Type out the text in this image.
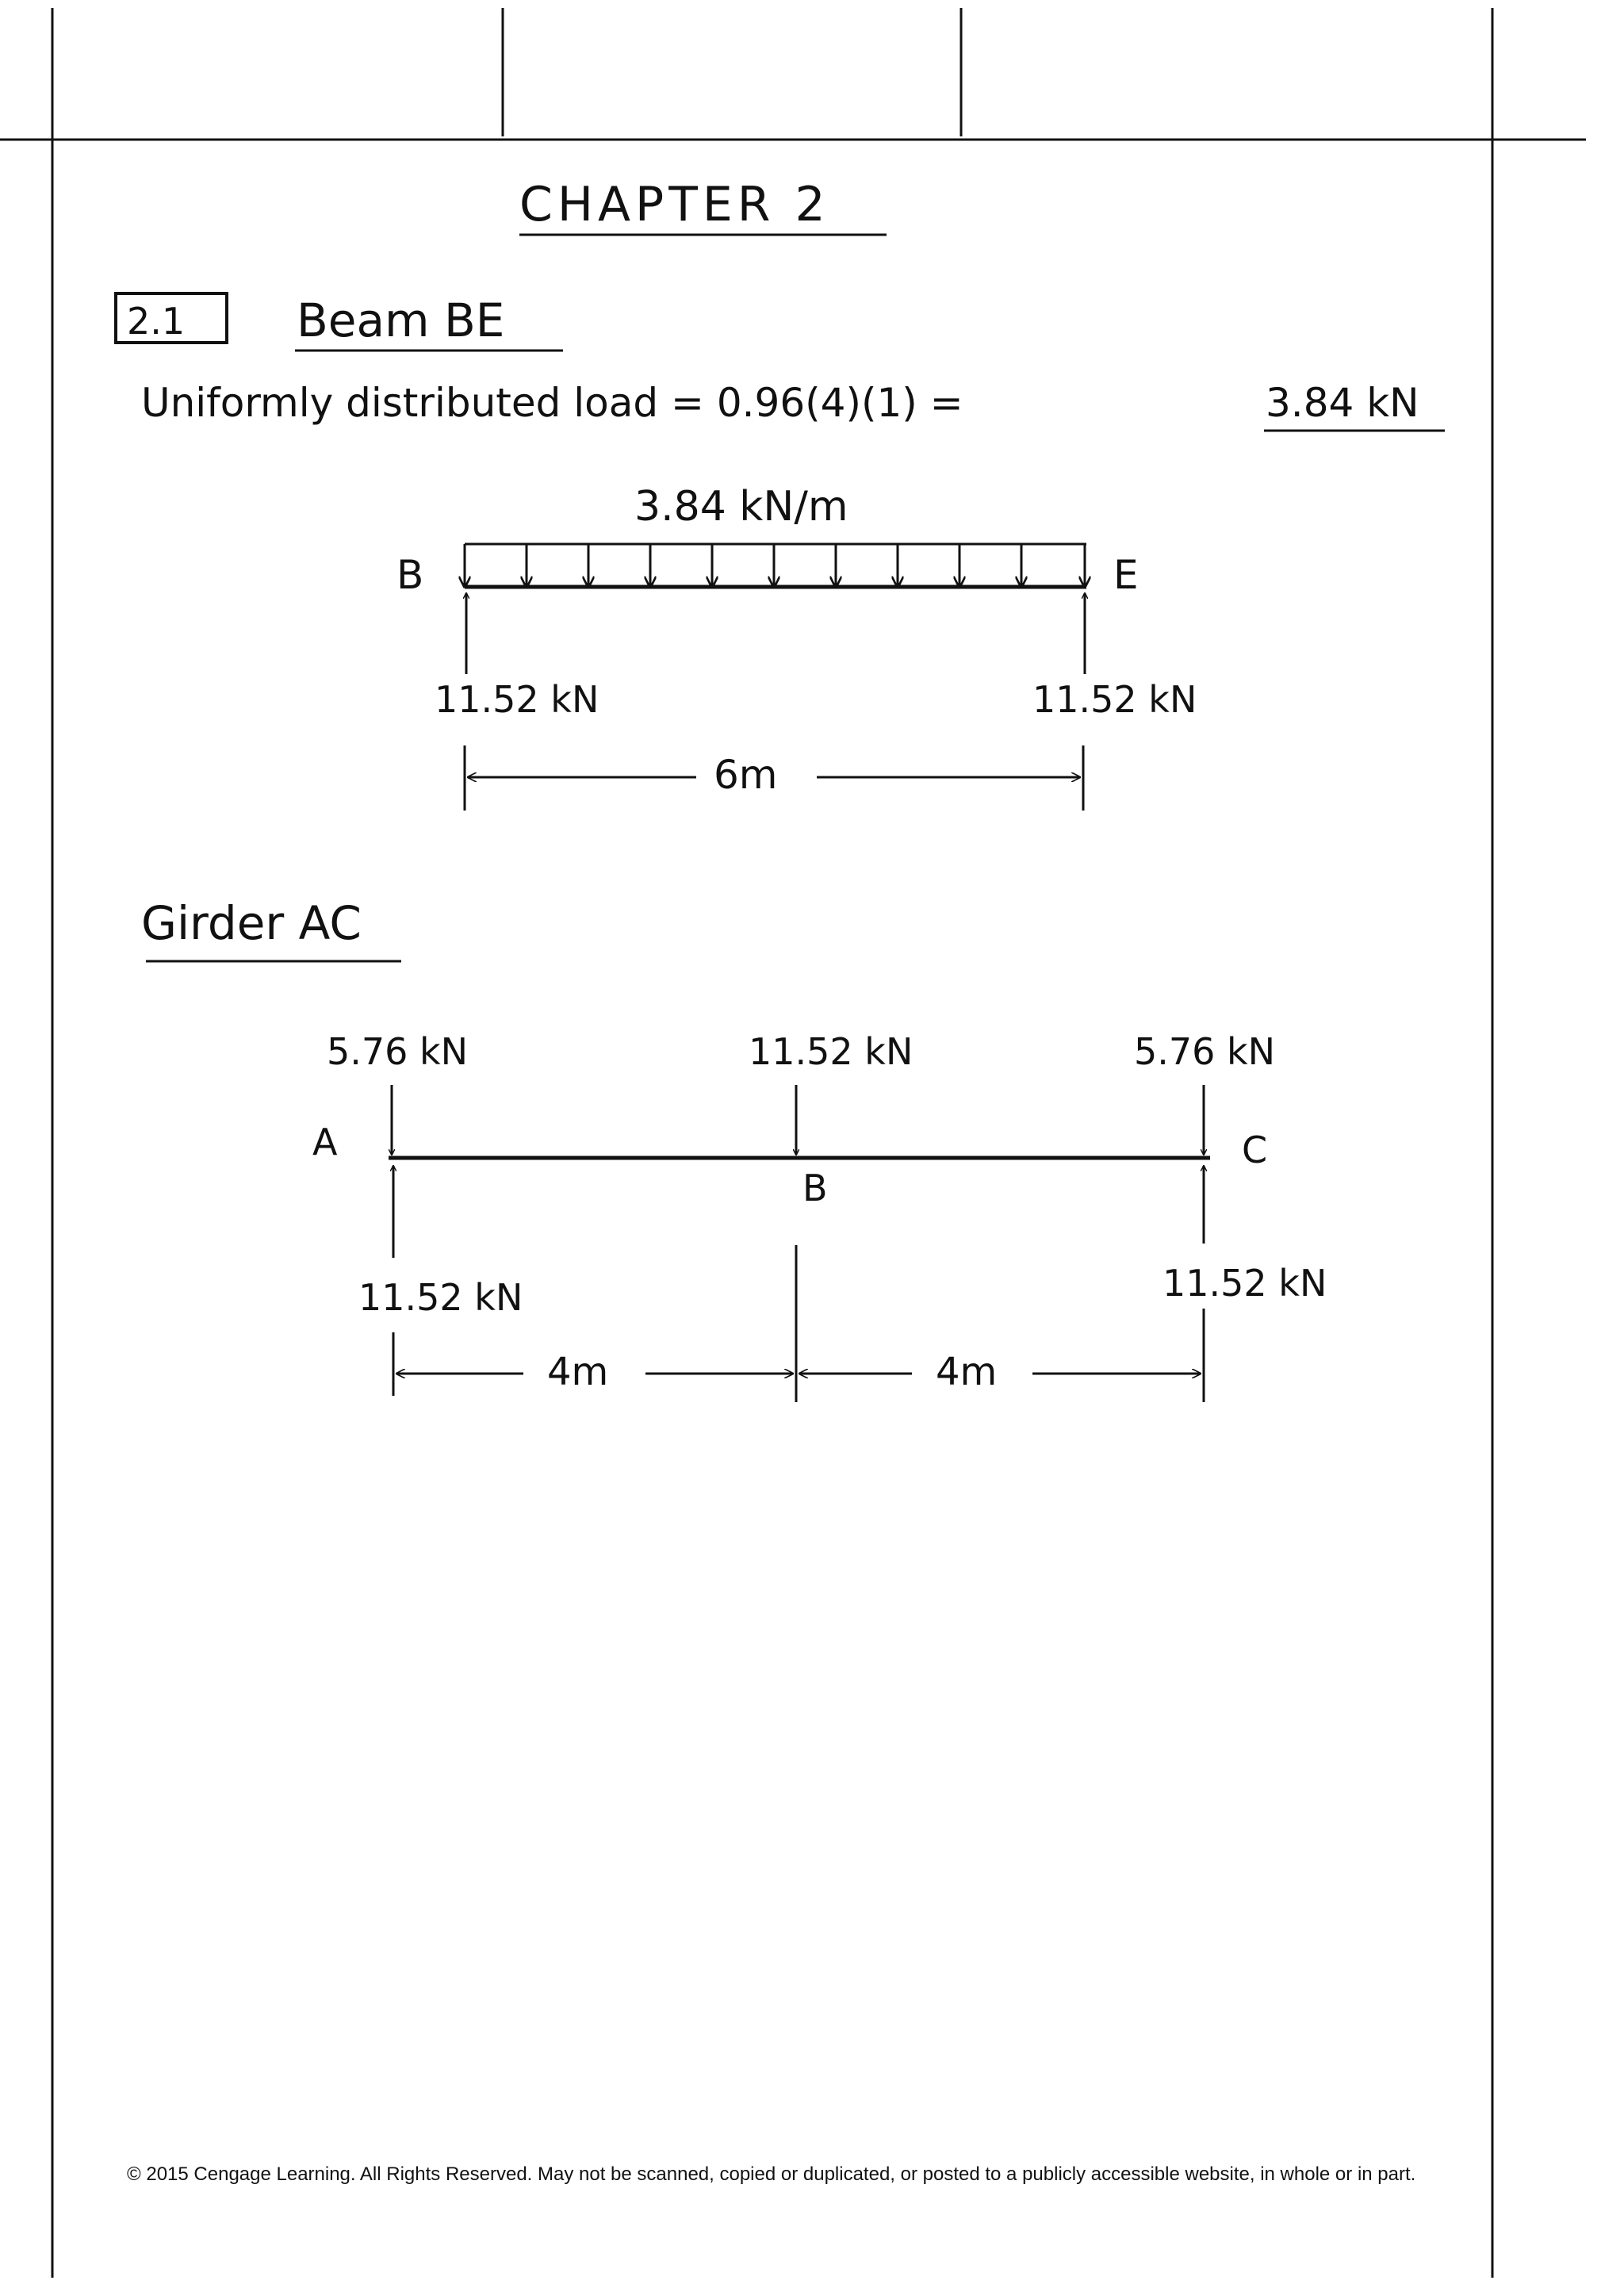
CHAPTER 2
2.1 Beam BE
Uniformly distributed load = 0.96(4)(1) =	3.84 kN
3.84 kN/m
B	E
11.52 kN	11.52 kN
6m
Girder AC
5.76 kN	11.52 kN	5.76 kN
A
B
C
11.52 kN	11.52 kN
4m	4m
© 2015 Cengage Learning. All Rights Reserved. May not be scanned, copied or duplicated, or posted to a publicly accessible website, in whole or in part.
